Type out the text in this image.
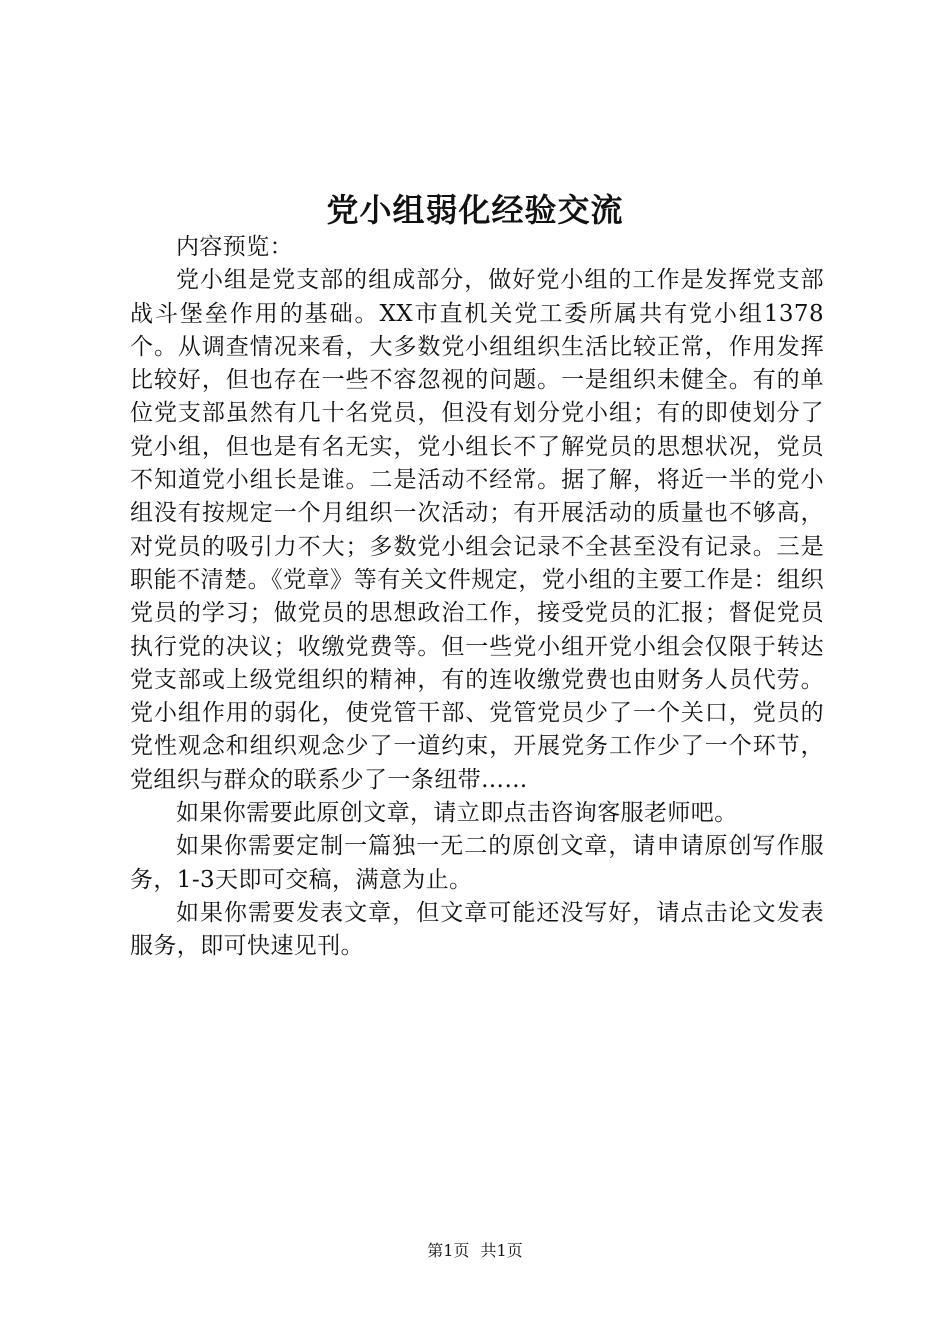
党小组弱化经验交流

内容预览：

党小组是党支部的组成部分，做好党小组的工作是发挥党支部战斗堡垒作用的基础。XX市直机关党工委所属共有党小组1378个。从调查情况来看，大多数党小组组织生活比较正常，作用发挥比较好，但也存在一些不容忽视的问题。一是组织未健全。有的单位党支部虽然有几十名党员，但没有划分党小组；有的即使划分了党小组，但也是有名无实，党小组长不了解党员的思想状况，党员不知道党小组长是谁。二是活动不经常。据了解，将近一半的党小组没有按规定一个月组织一次活动；有开展活动的质量也不够高，对党员的吸引力不大；多数党小组会记录不全甚至没有记录。三是职能不清楚。《党章》等有关文件规定，党小组的主要工作是：组织党员的学习；做党员的思想政治工作，接受党员的汇报；督促党员执行党的决议；收缴党费等。但一些党小组开党小组会仅限于转达党支部或上级党组织的精神，有的连收缴党费也由财务人员代劳。党小组作用的弱化，使党管干部、党管党员少了一个关口，党员的党性观念和组织观念少了一道约束，开展党务工作少了一个环节，党组织与群众的联系少了一条纽带……

如果你需要此原创文章，请立即点击咨询客服老师吧。

如果你需要定制一篇独一无二的原创文章，请申请原创写作服务，1-3天即可交稿，满意为止。

如果你需要发表文章，但文章可能还没写好，请点击论文发表服务，即可快速见刊。

第1页 共1页
